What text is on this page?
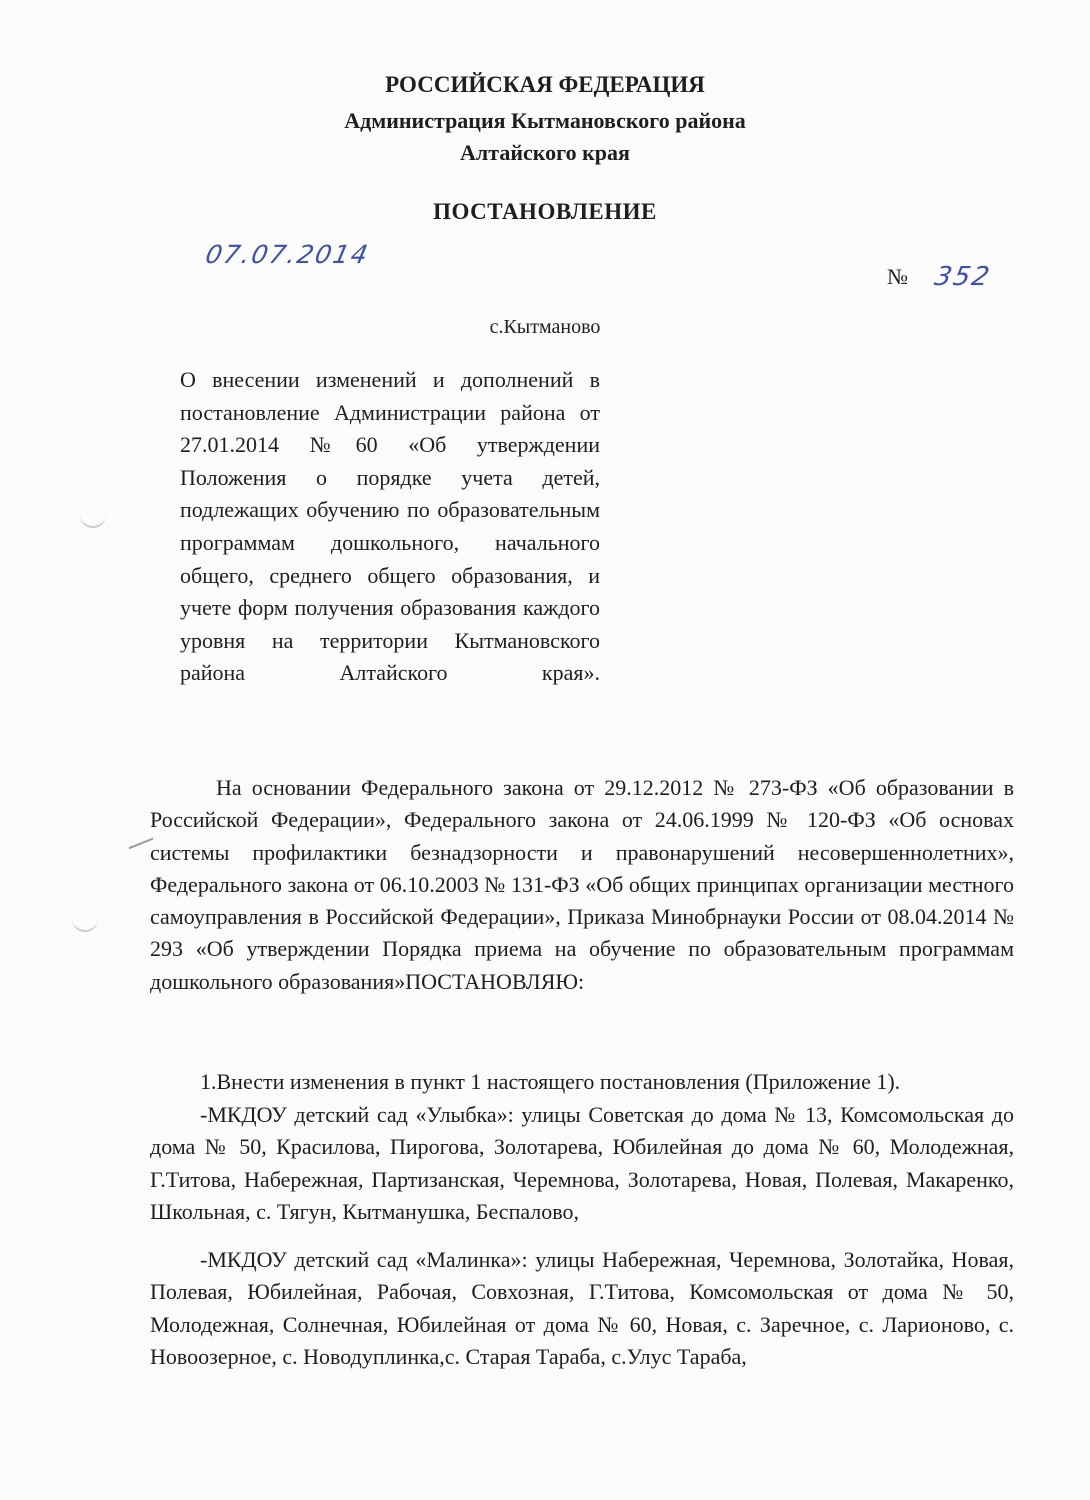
РОССИЙСКАЯ ФЕДЕРАЦИЯ
Администрация Кытмановского района
Алтайского края
ПОСТАНОВЛЕНИЕ
07.07.2014
№ 352
с.Кытманово
О внесении изменений и дополнений в постановление Администрации района от 27.01.2014 №60 «Об утверждении Положения о порядке учета детей, подлежащих обучению по образовательным программам дошкольного, начального общего, среднего общего образования, и учете форм получения образования каждого уровня на территории Кытмановского района Алтайского края».
На основании Федерального закона от 29.12.2012 № 273-ФЗ «Об образовании в Российской Федерации», Федерального закона от 24.06.1999 № 120-ФЗ «Об основах системы профилактики безнадзорности и правонарушений несовершеннолетних», Федерального закона от 06.10.2003 № 131-ФЗ «Об общих принципах организации местного самоуправления в Российской Федерации», Приказа Минобрнауки России от 08.04.2014 № 293 «Об утверждении Порядка приема на обучение по образовательным программам дошкольного образования»ПОСТАНОВЛЯЮ:
1.Внести изменения в пункт 1 настоящего постановления (Приложение 1).
-МКДОУ детский сад «Улыбка»: улицы Советская до дома № 13, Комсомольская до дома № 50, Красилова, Пирогова, Золотарева, Юбилейная до дома № 60, Молодежная, Г.Титова, Набережная, Партизанская, Черемнова, Золотарева, Новая, Полевая, Макаренко, Школьная, с. Тягун, Кытманушка, Беспалово,
-МКДОУ детский сад «Малинка»: улицы Набережная, Черемнова, Золотайка, Новая, Полевая, Юбилейная, Рабочая, Совхозная, Г.Титова, Комсомольская от дома № 50, Молодежная, Солнечная, Юбилейная от дома № 60, Новая, с. Заречное, с. Ларионово, с. Новоозерное, с. Новодуплинка,с. Старая Тараба, с.Улус Тараба,
